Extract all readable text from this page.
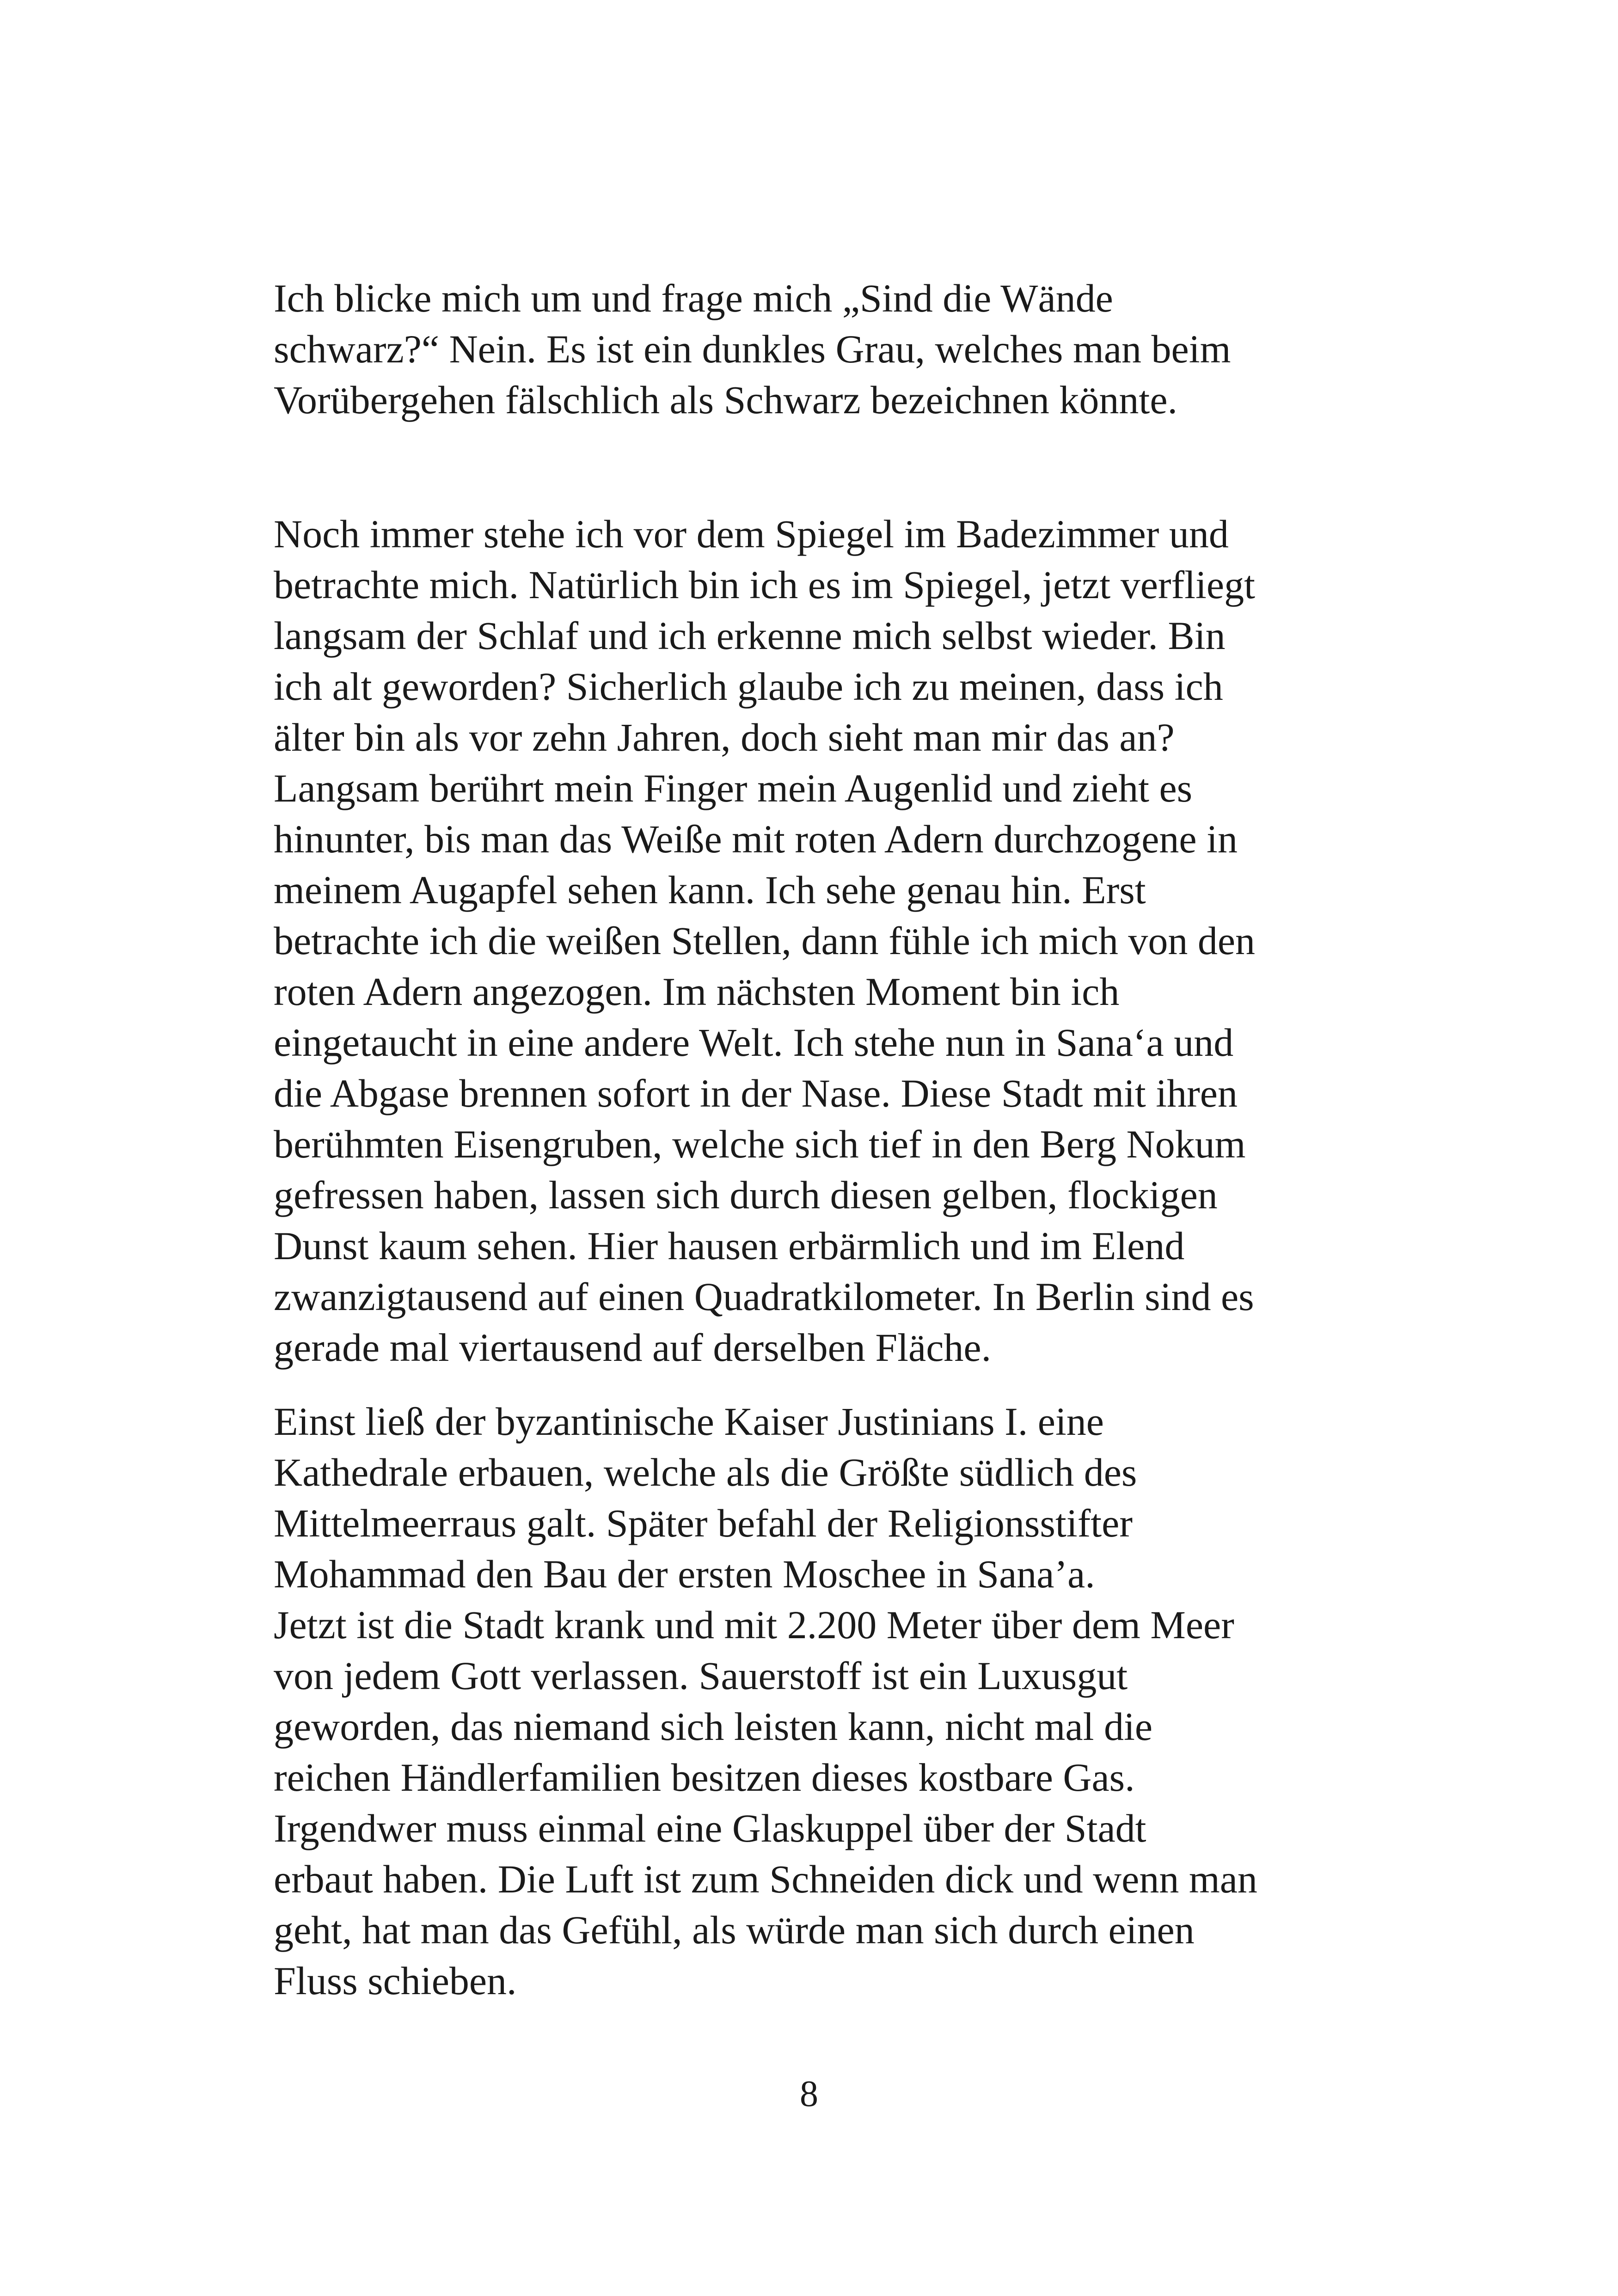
Ich blicke mich um und frage mich „Sind die Wände

schwarz?“ Nein. Es ist ein dunkles Grau, welches man beim

Vorübergehen fälschlich als Schwarz bezeichnen könnte.

Noch immer stehe ich vor dem Spiegel im Badezimmer und

betrachte mich. Natürlich bin ich es im Spiegel, jetzt verfliegt

langsam der Schlaf und ich erkenne mich selbst wieder. Bin

ich alt geworden? Sicherlich glaube ich zu meinen, dass ich

älter bin als vor zehn Jahren, doch sieht man mir das an?

Langsam berührt mein Finger mein Augenlid und zieht es

hinunter, bis man das Weiße mit roten Adern durchzogene in

meinem Augapfel sehen kann. Ich sehe genau hin. Erst

betrachte ich die weißen Stellen, dann fühle ich mich von den

roten Adern angezogen. Im nächsten Moment bin ich

eingetaucht in eine andere Welt. Ich stehe nun in Sana‘a und

die Abgase brennen sofort in der Nase. Diese Stadt mit ihren

berühmten Eisengruben, welche sich tief in den Berg Nokum

gefressen haben, lassen sich durch diesen gelben, flockigen

Dunst kaum sehen. Hier hausen erbärmlich und im Elend

zwanzigtausend auf einen Quadratkilometer. In Berlin sind es

gerade mal viertausend auf derselben Fläche.

Einst ließ der byzantinische Kaiser Justinians I. eine

Kathedrale erbauen, welche als die Größte südlich des

Mittelmeerraus galt. Später befahl der Religionsstifter

Mohammad den Bau der ersten Moschee in Sana’a.

Jetzt ist die Stadt krank und mit 2.200 Meter über dem Meer

von jedem Gott verlassen. Sauerstoff ist ein Luxusgut

geworden, das niemand sich leisten kann, nicht mal die

reichen Händlerfamilien besitzen dieses kostbare Gas.

Irgendwer muss einmal eine Glaskuppel über der Stadt

erbaut haben. Die Luft ist zum Schneiden dick und wenn man

geht, hat man das Gefühl, als würde man sich durch einen

Fluss schieben.

8
